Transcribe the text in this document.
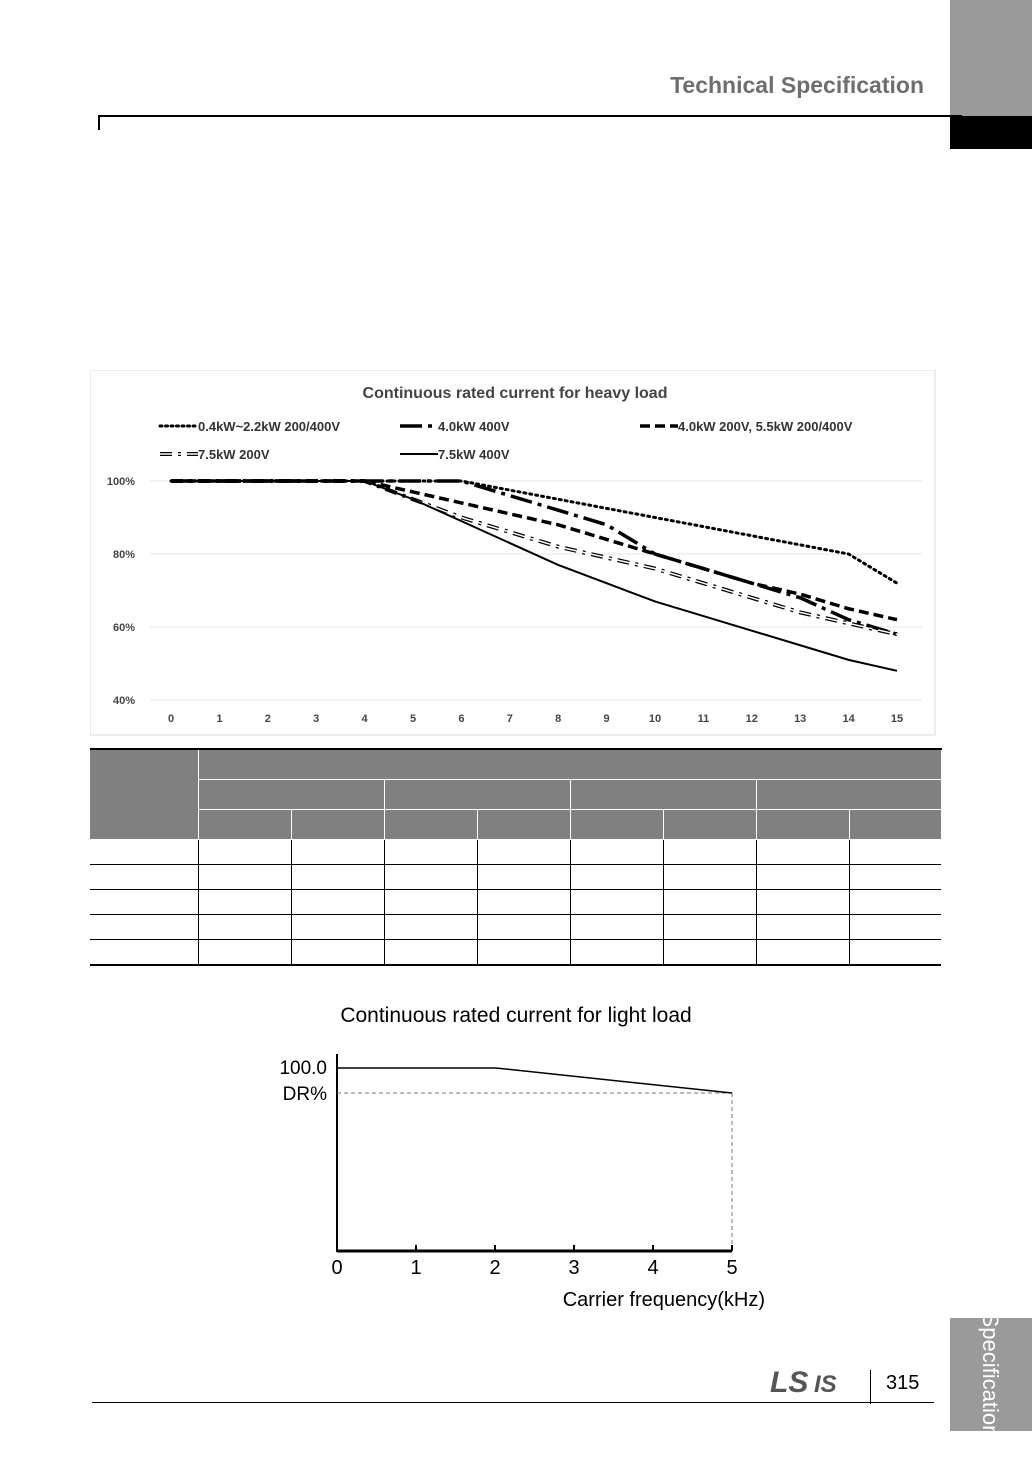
Technical Specification
Continuous rated current for heavy load
100%
80%
60%
40%
0	1	2	3	4	5	6	7	8	9	10	11	12	13	14	15
0.4kW~2.2kW 200/400V	4.0kW 400V	4.0kW 200V, 5.5kW 200/400V
7.5kW 200V	7.5kW 400V

Continuous rated current for light load
100.0
DR%
0	1	2	3	4	5
Carrier frequency(kHz)
LS IS 315	Specification
